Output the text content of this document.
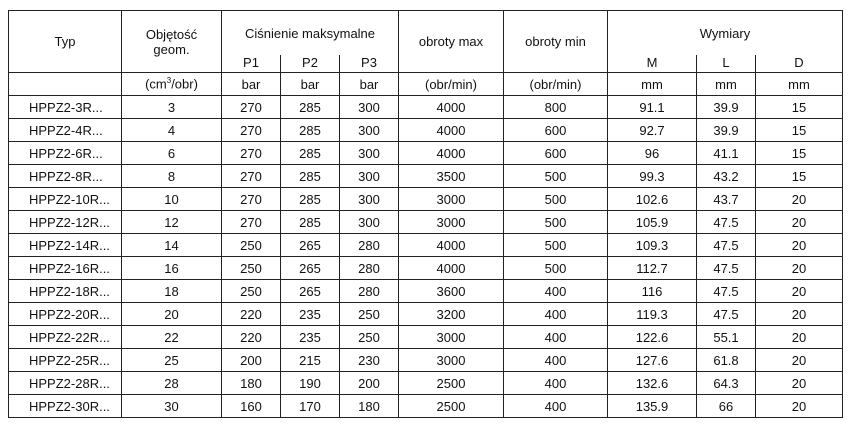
Typ	Objętość geom.	Ciśnienie maksymalne			obroty max	obroty min	Wymiary		
		P1	P2	P3			M	L	D
	$(cm^3/obr)$	bar	bar	bar	(obr/min)	(obr/min)	mm	mm	mm
HPPZ2-3R...	3	270	285	300	4000	800	91.1	39.9	15
HPPZ2-4R...	4	270	285	300	4000	600	92.7	39.9	15
HPPZ2-6R...	6	270	285	300	4000	600	96	41.1	15
HPPZ2-8R...	8	270	285	300	3500	500	99.3	43.2	15
HPPZ2-10R...	10	270	285	300	3000	500	102.6	43.7	20
HPPZ2-12R...	12	270	285	300	3000	500	105.9	47.5	20
HPPZ2-14R...	14	250	265	280	4000	500	109.3	47.5	20
HPPZ2-16R...	16	250	265	280	4000	500	112.7	47.5	20
HPPZ2-18R...	18	250	265	280	3600	400	116	47.5	20
HPPZ2-20R...	20	220	235	250	3200	400	119.3	47.5	20
HPPZ2-22R...	22	220	235	250	3000	400	122.6	55.1	20
HPPZ2-25R...	25	200	215	230	3000	400	127.6	61.8	20
HPPZ2-28R...	28	180	190	200	2500	400	132.6	64.3	20
HPPZ2-30R...	30	160	170	180	2500	400	135.9	66	20
